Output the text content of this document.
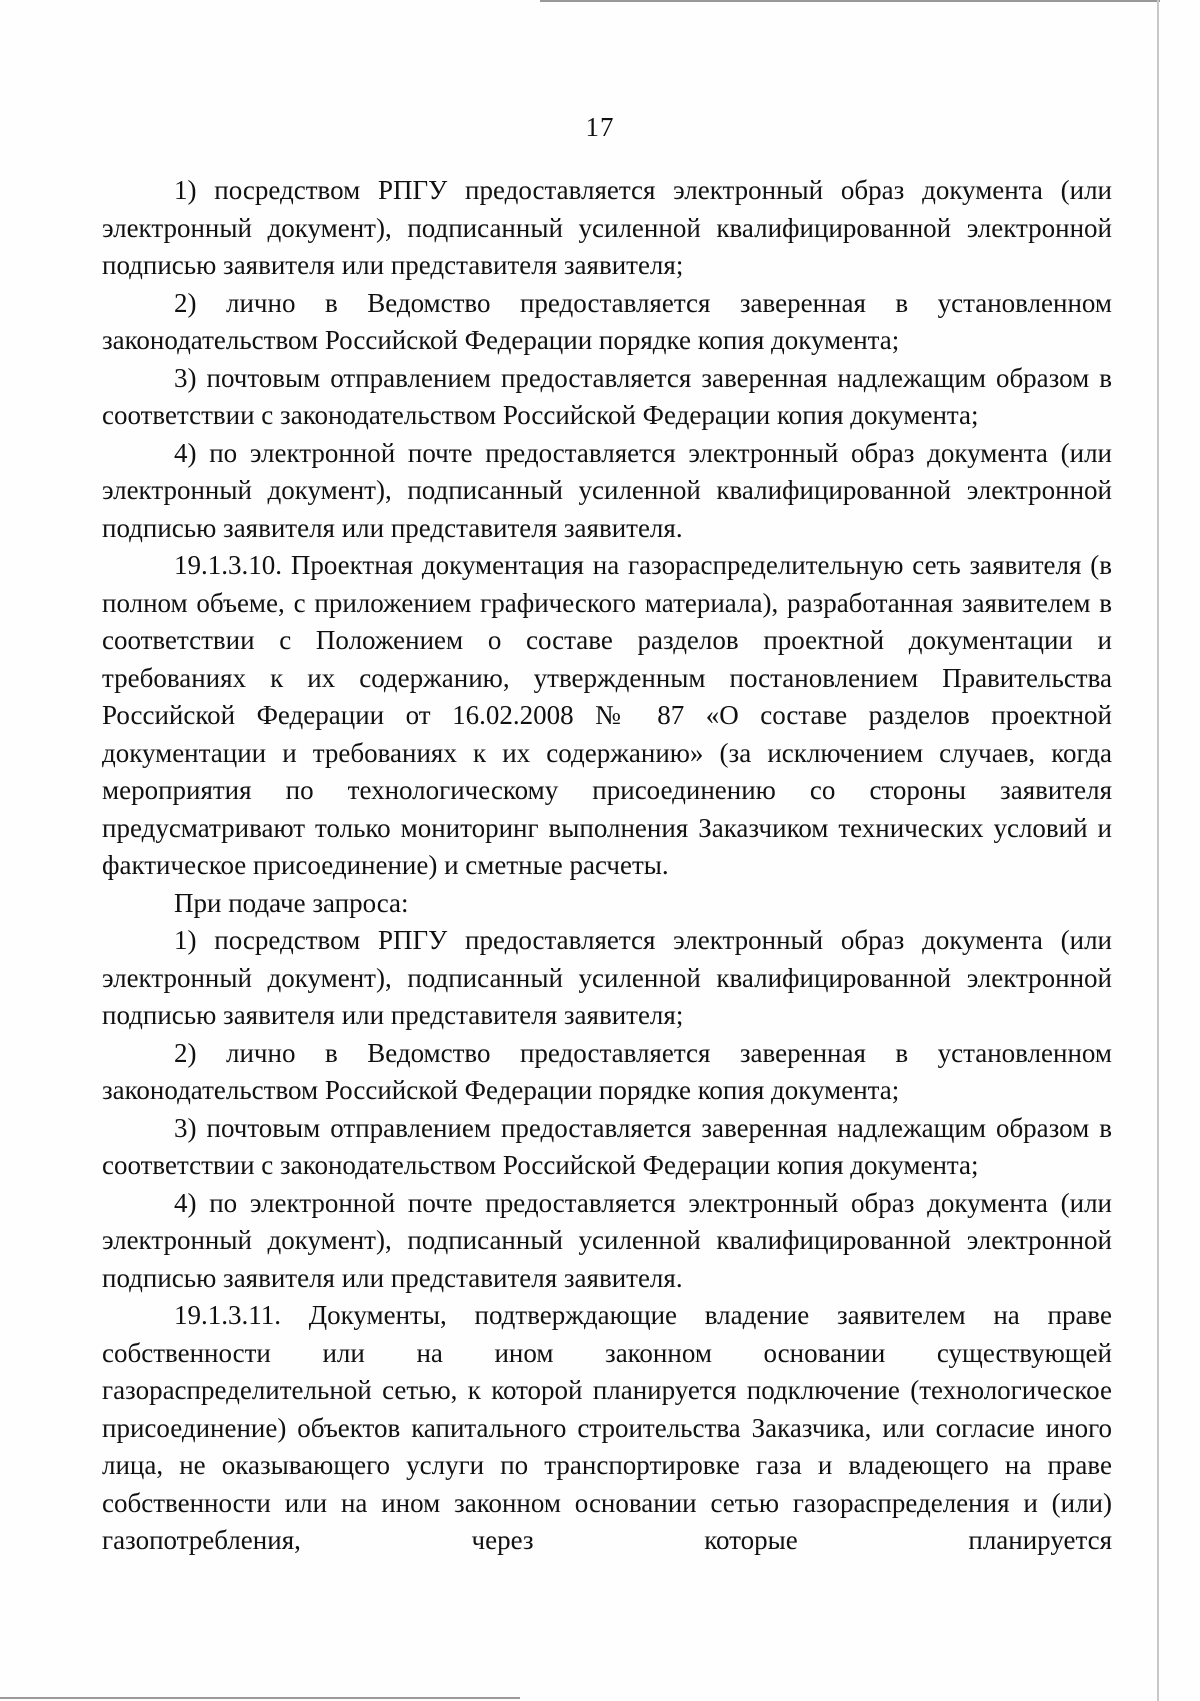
17

1) посредством РПГУ предоставляется электронный образ документа (или электронный документ), подписанный усиленной квалифицированной электронной подписью заявителя или представителя заявителя;

2) лично в Ведомство предоставляется заверенная в установленном законодательством Российской Федерации порядке копия документа;

3) почтовым отправлением предоставляется заверенная надлежащим образом в соответствии с законодательством Российской Федерации копия документа;

4) по электронной почте предоставляется электронный образ документа (или электронный документ), подписанный усиленной квалифицированной электронной подписью заявителя или представителя заявителя.

19.1.3.10. Проектная документация на газораспределительную сеть заявителя (в полном объеме, с приложением графического материала), разработанная заявителем в соответствии с Положением о составе разделов проектной документации и требованиях к их содержанию, утвержденным постановлением Правительства Российской Федерации от 16.02.2008 № 87 «О составе разделов проектной документации и требованиях к их содержанию» (за исключением случаев, когда мероприятия по технологическому присоединению со стороны заявителя предусматривают только мониторинг выполнения Заказчиком технических условий и фактическое присоединение) и сметные расчеты.

При подаче запроса:

1) посредством РПГУ предоставляется электронный образ документа (или электронный документ), подписанный усиленной квалифицированной электронной подписью заявителя или представителя заявителя;

2) лично в Ведомство предоставляется заверенная в установленном законодательством Российской Федерации порядке копия документа;

3) почтовым отправлением предоставляется заверенная надлежащим образом в соответствии с законодательством Российской Федерации копия документа;

4) по электронной почте предоставляется электронный образ документа (или электронный документ), подписанный усиленной квалифицированной электронной подписью заявителя или представителя заявителя.

19.1.3.11. Документы, подтверждающие владение заявителем на праве собственности или на ином законном основании существующей газораспределительной сетью, к которой планируется подключение (технологическое присоединение) объектов капитального строительства Заказчика, или согласие иного лица, не оказывающего услуги по транспортировке газа и владеющего на праве собственности или на ином законном основании сетью газораспределения и (или) газопотребления, через которые планируется
